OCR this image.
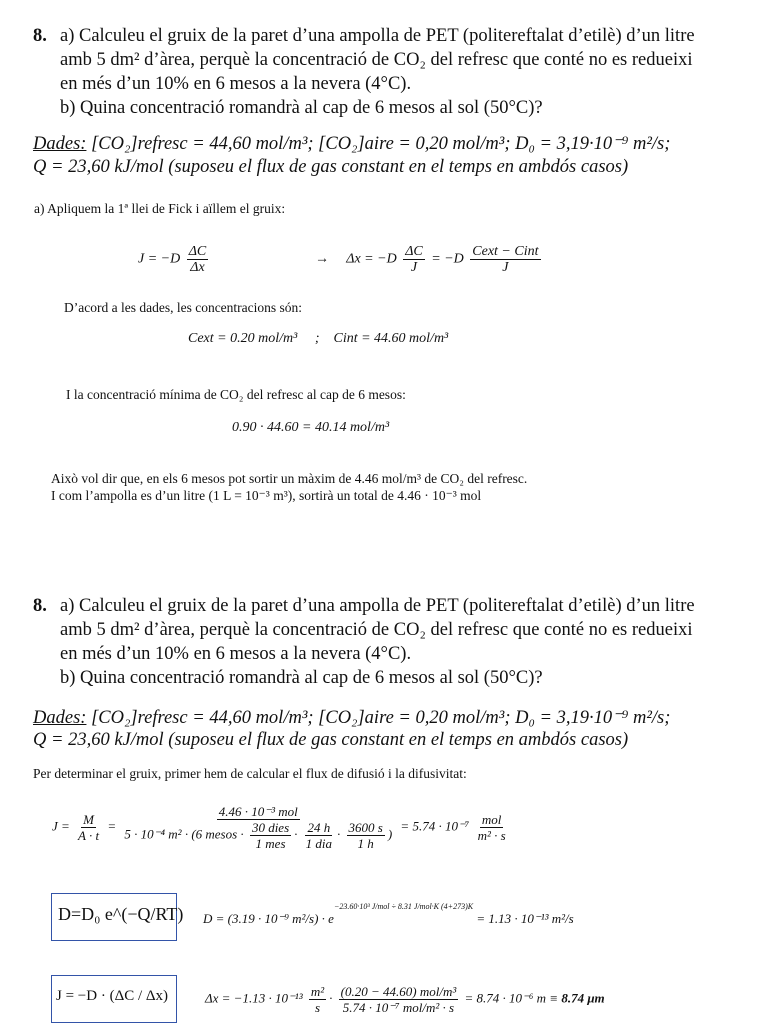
8. a) Calculeu el gruix de la paret d’una ampolla de PET (politereftalat d’etilè) d’un litre
amb 5 dm² d’àrea, perquè la concentració de CO₂ del refresc que conté no es redueixi
en més d’un 10% en 6 mesos a la nevera (4°C).
b) Quina concentració romandrà al cap de 6 mesos al sol (50°C)?
Dades: [CO₂]refresc = 44,60 mol/m³; [CO₂]aire = 0,20 mol/m³; D₀ = 3,19·10⁻⁹ m²/s;
Q = 23,60 kJ/mol (suposeu el flux de gas constant en el temps en ambdós casos)
a) Apliquem la 1ª llei de Fick i aïllem el gruix:
$J = -D \frac{\Delta C}{\Delta x}$	→ $\Delta x = -D \frac{\Delta C}{J} = -D \frac{\text{Cext − Cint}}{J}$
D’acord a les dades, les concentracions són:
Cext = 0.20 mol/m³ ; Cint = 44.60 mol/m³
I la concentració mínima de CO₂ del refresc al cap de 6 mesos:
0.90 · 44.60 = 40.14 mol/m³
Això vol dir que, en els 6 mesos pot sortir un màxim de 4.46 mol/m³ de CO₂ del refresc.
I com l’ampolla es d’un litre (1 L = 10⁻³ m³), sortirà un total de 4.46 · 10⁻³ mol
8. a) Calculeu el gruix de la paret d’una ampolla de PET (politereftalat d’etilè) d’un litre
amb 5 dm² d’àrea, perquè la concentració de CO₂ del refresc que conté no es redueixi
en més d’un 10% en 6 mesos a la nevera (4°C).
b) Quina concentració romandrà al cap de 6 mesos al sol (50°C)?
Dades: [CO₂]refresc = 44,60 mol/m³; [CO₂]aire = 0,20 mol/m³; D₀ = 3,19·10⁻⁹ m²/s;
Q = 23,60 kJ/mol (suposeu el flux de gas constant en el temps en ambdós casos)
Per determinar el gruix, primer hem de calcular el flux de difusió i la difusivitat:
$J = \frac{M}{A \cdot t}$ =
4.46 · 10⁻³ mol
5 · 10⁻⁴ m² · (6 mesos · $\frac{\text{30 dies}}{\text{1 mes}} \cdot \frac{24 h}{\text{1 dia}} \cdot \frac{3600 s}{1 h}$ )
= $5.74 \cdot 10^{-7} \frac{\text{mol}}{\text{m² · s}}$
D=D₀ e^(−Q/RT) D = (3.19 · 10⁻⁹ $m^2/s) \cdot e^{-23.60\cdot 10^3 J/mol \div 8.31 J/mol\cdot K (4+273)K} = 1.13 \cdot 10^{-13}$ m²/s
J = −D · (ΔC / Δx)	$\Delta x = -1.13 \cdot 10^{-13} \frac{\text{m²}}{s} \cdot \frac{\text{(0.20 − 44.60) mol/m³}}{\text{5.74 · 10⁻⁷ mol/m² · s}} = 8.74 \cdot 10^{-6}$ m ≡ 8.74 μm
